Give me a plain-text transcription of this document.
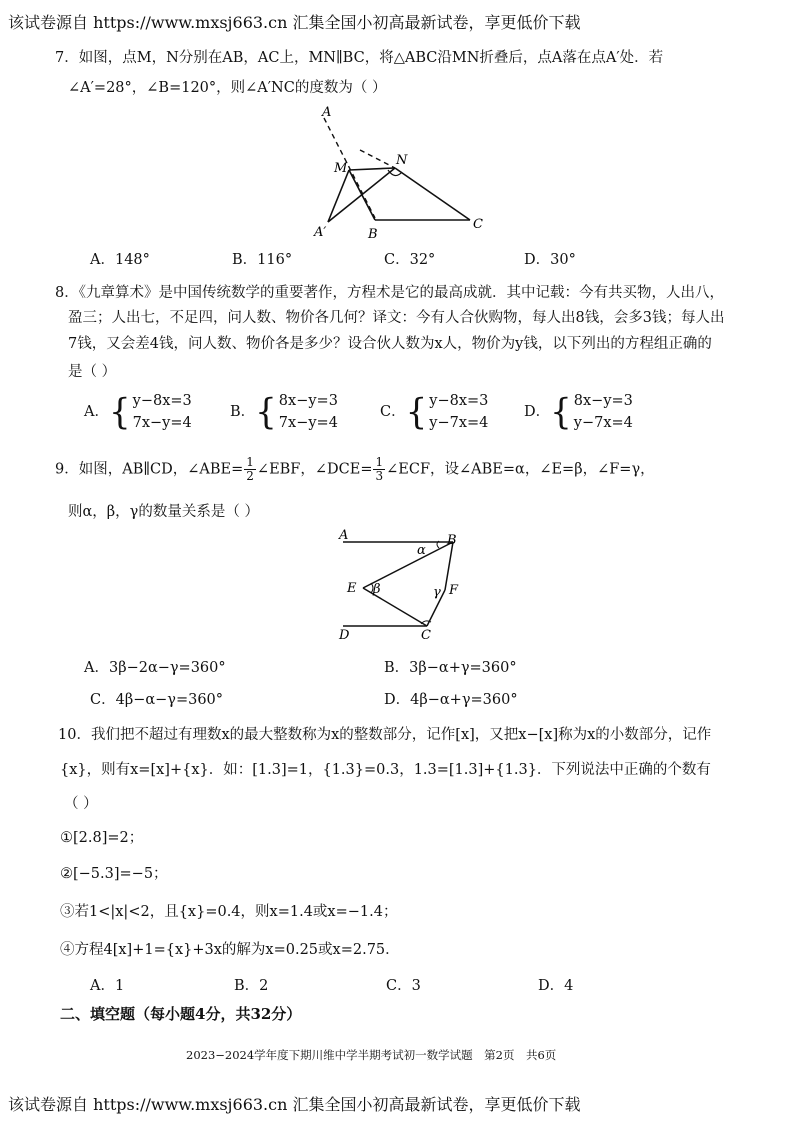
该试卷源自 https://www.mxsj663.cn 汇集全国小初高最新试卷，享更低价下载
7．如图，点M，N分别在AB，AC上，MN∥BC，将△ABC沿MN折叠后，点A落在点A′处．若
∠A′=28°，∠B=120°，则∠A′NC的度数为（ ）
A
M
N
A′	B
C
A．148°	B．116°	C．32°	D．30°
8．《九章算术》是中国传统数学的重要著作，方程术是它的最高成就．其中记载：今有共买物，人出八，
盈三；人出七，不足四，问人数、物价各几何？译文：今有人合伙购物，每人出8钱，会多3钱；每人出
7钱，又会差4钱，问人数、物价各是多少？设合伙人数为x人，物价为y钱，以下列出的方程组正确的
是（ ）
A．{ y−8x=3
7x−y=4
B．{ 8x−y=3
7x−y=4
C．{ y−8x=3
y−7x=4
D．{ 8x−y=3
y−7x=4
9．如图，AB∥CD，∠ABE= $\frac{1}{2}$ ∠EBF，∠DCE= $\frac{1}{3}$ ∠ECF，设∠ABE=α，∠E=β，∠F=γ，
则α，β，γ的数量关系是（ ）
A	B
E	F
D	C
α
β	γ
A．3β−2α−γ=360°	B．3β−α+γ=360°
C．4β−α−γ=360°	D．4β−α+γ=360°
10．我们把不超过有理数x的最大整数称为x的整数部分，记作[x]，又把x−[x]称为x的小数部分，记作
{x}，则有x=[x]+{x}．如：[1.3]=1，{1.3}=0.3，1.3=[1.3]+{1.3}．下列说法中正确的个数有
（ ）
①[2.8]=2；
②[−5.3]=−5；
③若1<|x|<2，且{x}=0.4，则x=1.4或x=−1.4；
④方程4[x]+1={x}+3x的解为x=0.25或x=2.75．
A．1	B．2	C．3	D．4
二、填空题（每小题4分，共32分）
2023−2024学年度下期川维中学半期考试初一数学试题　第2页　共6页
该试卷源自 https://www.mxsj663.cn 汇集全国小初高最新试卷，享更低价下载
